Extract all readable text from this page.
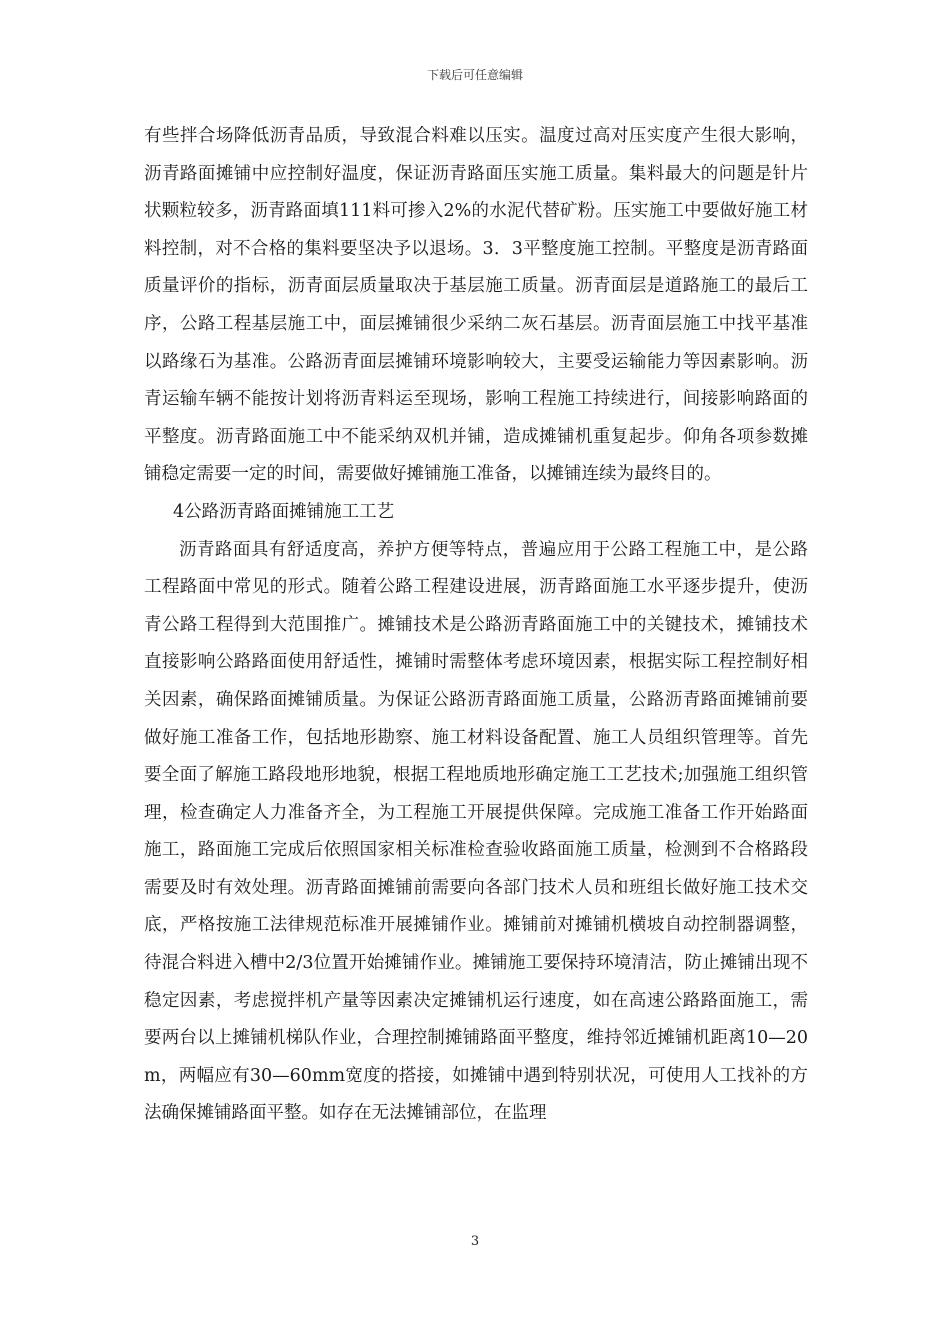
下载后可任意编辑

有些拌合场降低沥青品质，导致混合料难以压实。温度过高对压实度产生很大影响，沥青路面摊铺中应控制好温度，保证沥青路面压实施工质量。集料最大的问题是针片状颗粒较多，沥青路面填111料可掺入2%的水泥代替矿粉。压实施工中要做好施工材料控制，对不合格的集料要坚决予以退场。3．3平整度施工控制。平整度是沥青路面质量评价的指标，沥青面层质量取决于基层施工质量。沥青面层是道路施工的最后工序，公路工程基层施工中，面层摊铺很少采纳二灰石基层。沥青面层施工中找平基准以路缘石为基准。公路沥青面层摊铺环境影响较大，主要受运输能力等因素影响。沥青运输车辆不能按计划将沥青料运至现场，影响工程施工持续进行，间接影响路面的平整度。沥青路面施工中不能采纳双机并铺，造成摊铺机重复起步。仰角各项参数摊铺稳定需要一定的时间，需要做好摊铺施工准备，以摊铺连续为最终目的。

4公路沥青路面摊铺施工工艺

沥青路面具有舒适度高，养护方便等特点，普遍应用于公路工程施工中，是公路工程路面中常见的形式。随着公路工程建设进展，沥青路面施工水平逐步提升，使沥青公路工程得到大范围推广。摊铺技术是公路沥青路面施工中的关键技术，摊铺技术直接影响公路路面使用舒适性，摊铺时需整体考虑环境因素，根据实际工程控制好相关因素，确保路面摊铺质量。为保证公路沥青路面施工质量，公路沥青路面摊铺前要做好施工准备工作，包括地形勘察、施工材料设备配置、施工人员组织管理等。首先要全面了解施工路段地形地貌，根据工程地质地形确定施工工艺技术;加强施工组织管理，检查确定人力准备齐全，为工程施工开展提供保障。完成施工准备工作开始路面施工，路面施工完成后依照国家相关标准检查验收路面施工质量，检测到不合格路段需要及时有效处理。沥青路面摊铺前需要向各部门技术人员和班组长做好施工技术交底，严格按施工法律规范标准开展摊铺作业。摊铺前对摊铺机横坡自动控制器调整，待混合料进入槽中2/3位置开始摊铺作业。摊铺施工要保持环境清洁，防止摊铺出现不稳定因素，考虑搅拌机产量等因素决定摊铺机运行速度，如在高速公路路面施工，需要两台以上摊铺机梯队作业，合理控制摊铺路面平整度，维持邻近摊铺机距离10—20m，两幅应有30—60mm宽度的搭接，如摊铺中遇到特别状况，可使用人工找补的方法确保摊铺路面平整。如存在无法摊铺部位，在监理

3
